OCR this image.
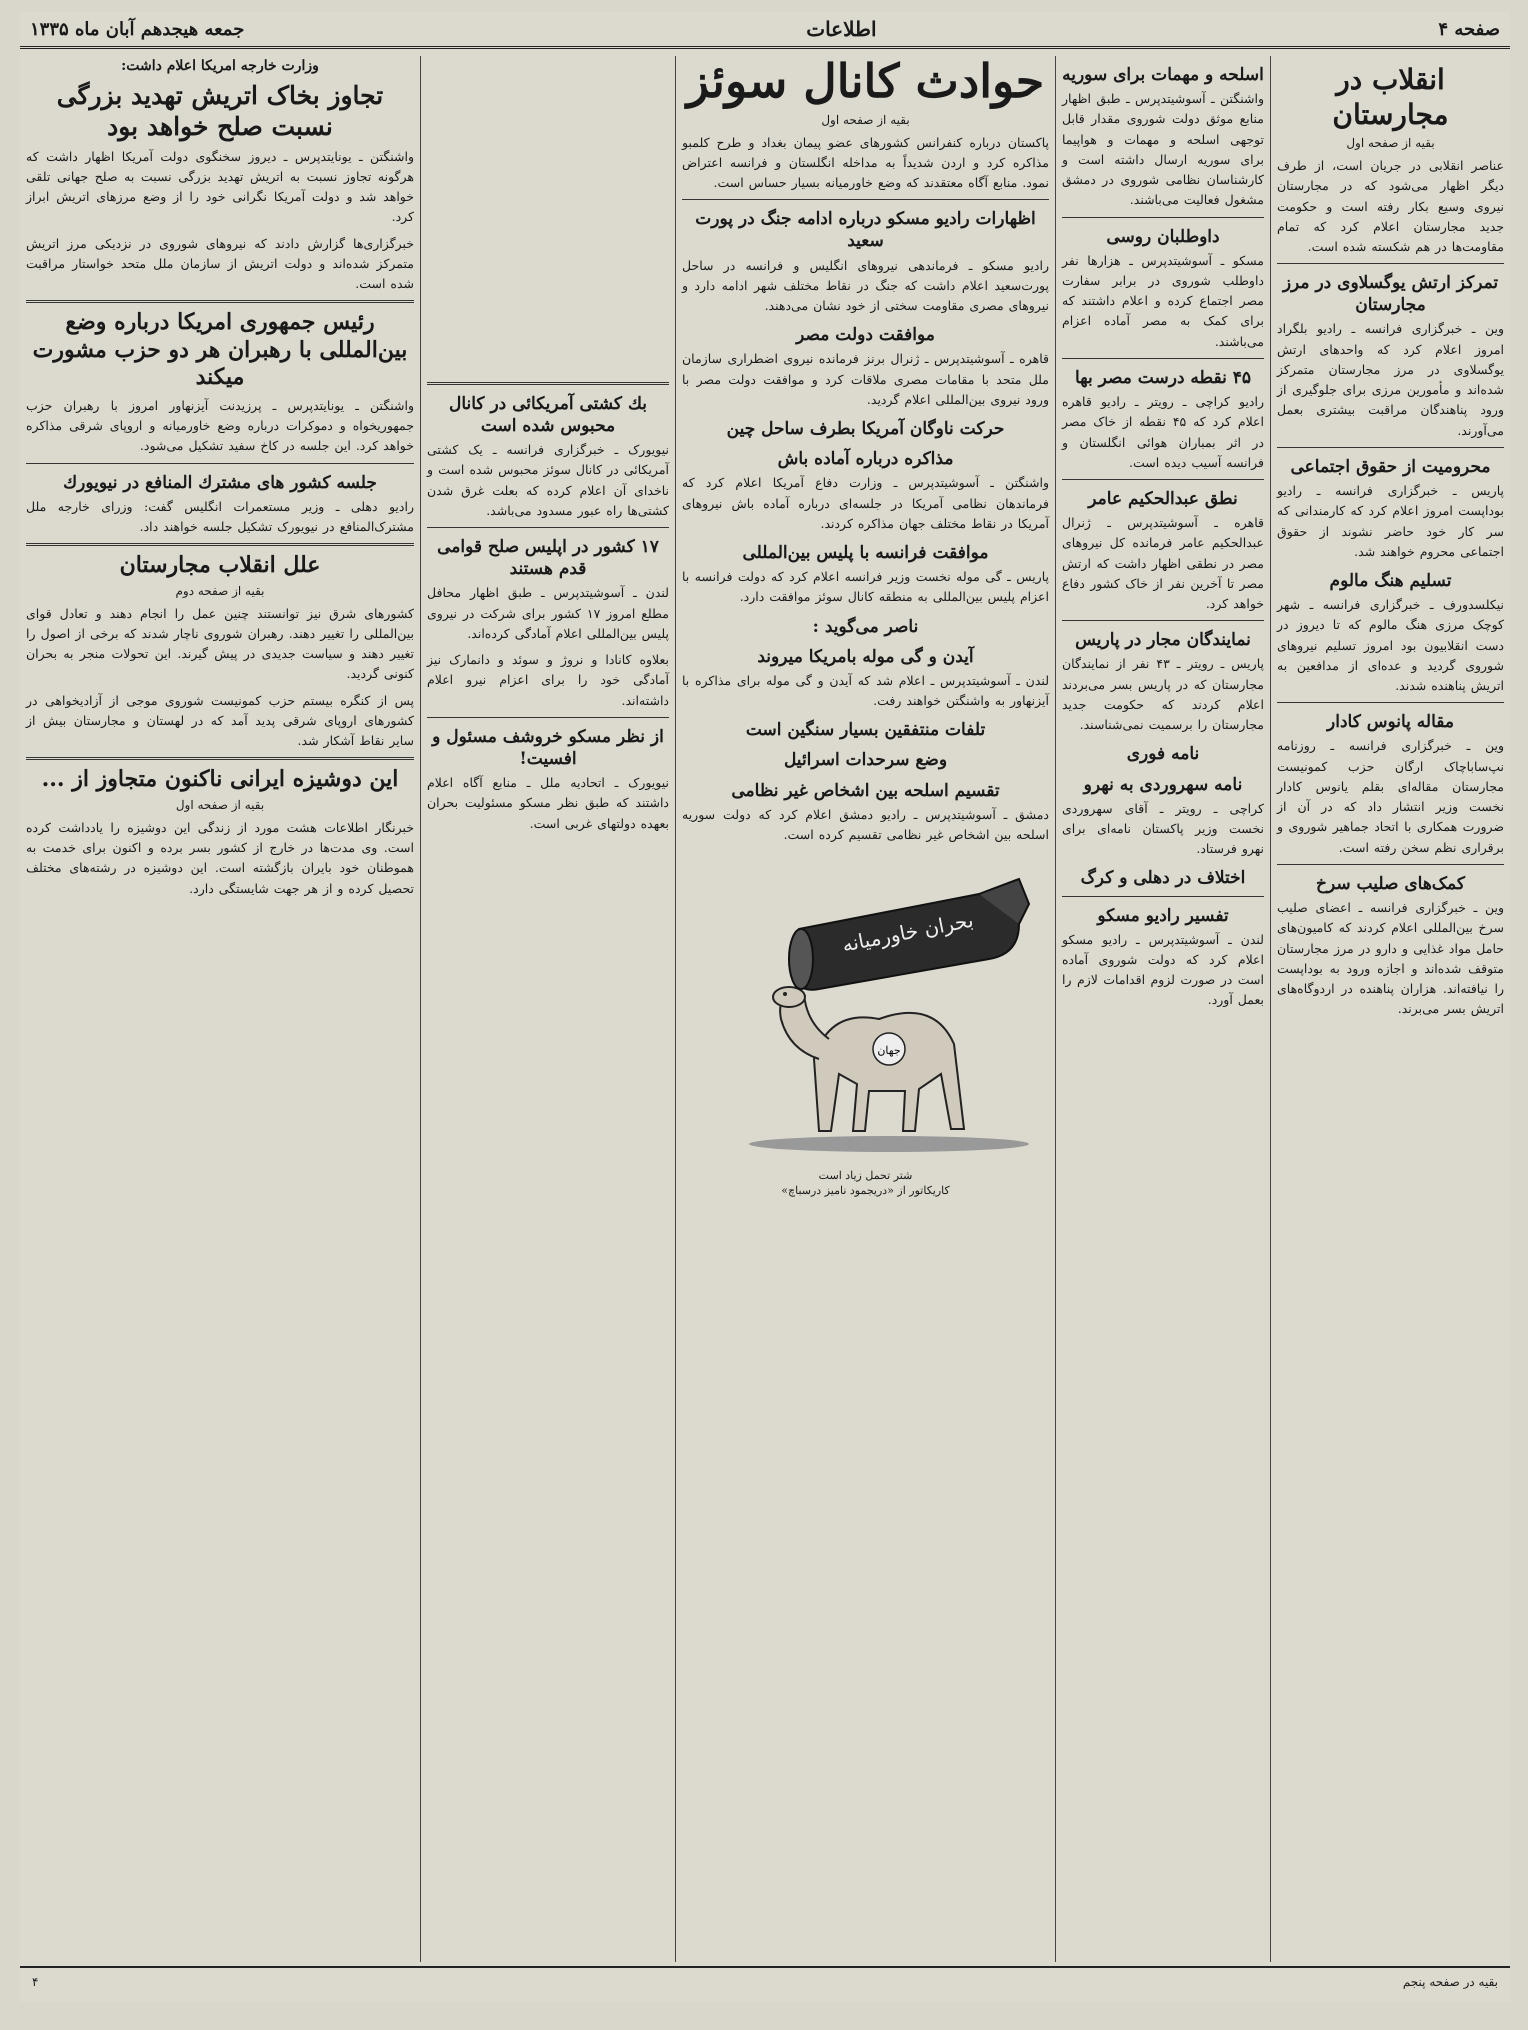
صفحه ۴
اطلاعات
جمعه هیجدهم آبان ماه ۱۳۳۵
انقلاب در مجارستان
بقیه از صفحه اول

عناصر انقلابی در جریان است، از طرف دیگر اظهار می‌شود که در مجارستان نیروی وسیع بکار رفته است و حکومت جدید مجارستان اعلام کرد که تمام مقاومت‌ها در هم شکسته شده است.

تمرکز ارتش یوگسلاوی در مرز مجارستان

وین ـ خبرگزاری فرانسه ـ رادیو بلگراد امروز اعلام کرد که واحدهای ارتش یوگسلاوی در مرز مجارستان متمرکز شده‌اند و مأمورین مرزی برای جلوگیری از ورود پناهندگان مراقبت بیشتری بعمل می‌آورند.

محرومیت از حقوق اجتماعی

پاریس ـ خبرگزاری فرانسه ـ رادیو بوداپست امروز اعلام کرد که کارمندانی که سر کار خود حاضر نشوند از حقوق اجتماعی محروم خواهند شد.

تسلیم هنگ مالوم

نیکلسدورف ـ خبرگزاری فرانسه ـ شهر کوچک مرزی هنگ مالوم که تا دیروز در دست انقلابیون بود امروز تسلیم نیروهای شوروی گردید و عده‌ای از مدافعین به اتریش پناهنده شدند.

مقاله پانوس کادار

وین ـ خبرگزاری فرانسه ـ روزنامه نپ‌ساباچاک ارگان حزب کمونیست مجارستان مقاله‌ای بقلم یانوس کادار نخست وزیر انتشار داد که در آن از ضرورت همکاری با اتحاد جماهیر شوروی و برقراری نظم سخن رفته است.

کمک‌های صلیب سرخ

وین ـ خبرگزاری فرانسه ـ اعضای صلیب سرخ بین‌المللی اعلام کردند که کامیون‌های حامل مواد غذایی و دارو در مرز مجارستان متوقف شده‌اند و اجازه ورود به بوداپست را نیافته‌اند. هزاران پناهنده در اردوگاه‌های اتریش بسر می‌برند.

اسلحه و مهمات برای سوریه

واشنگتن ـ آسوشیتدپرس ـ طبق اظهار منابع موثق دولت شوروی مقدار قابل توجهی اسلحه و مهمات و هواپیما برای سوریه ارسال داشته است و کارشناسان نظامی شوروی در دمشق مشغول فعالیت می‌باشند.

داوطلبان روسی

مسکو ـ آسوشیتدپرس ـ هزارها نفر داوطلب شوروی در برابر سفارت مصر اجتماع کرده و اعلام داشتند که برای کمک به مصر آماده اعزام می‌باشند.

۴۵ نقطه درست مصر بها

رادیو کراچی ـ رویتر ـ رادیو قاهره اعلام کرد که ۴۵ نقطه از خاک مصر در اثر بمباران هوائی انگلستان و فرانسه آسیب دیده است.

نطق عبدالحکیم عامر

قاهره ـ آسوشیتدپرس ـ ژنرال عبدالحکیم عامر فرمانده کل نیروهای مصر در نطقی اظهار داشت که ارتش مصر تا آخرین نفر از خاک کشور دفاع خواهد کرد.

نمایندگان مجار در پاریس

پاریس ـ رویتر ـ ۴۳ نفر از نمایندگان مجارستان که در پاریس بسر می‌بردند اعلام کردند که حکومت جدید مجارستان را برسمیت نمی‌شناسند.

نامه فوری
نامه سهروردی به نهرو

کراچی ـ رویتر ـ آقای سهروردی نخست وزیر پاکستان نامه‌ای برای نهرو فرستاد.

اختلاف در دهلی و کرگ
تفسیر رادیو مسکو

لندن ـ آسوشیتدپرس ـ رادیو مسکو اعلام کرد که دولت شوروی آماده است در صورت لزوم اقدامات لازم را بعمل آورد.

حوادث کانال سوئز
بقیه از صفحه اول

پاکستان درباره کنفرانس کشورهای عضو پیمان بغداد و طرح کلمبو مذاکره کرد و اردن شدیداً به مداخله انگلستان و فرانسه اعتراض نمود. منابع آگاه معتقدند که وضع خاورمیانه بسیار حساس است.

اظهارات رادیو مسکو درباره ادامه جنگ در پورت سعید

رادیو مسکو ـ فرماندهی نیروهای انگلیس و فرانسه در ساحل پورت‌سعید اعلام داشت که جنگ در نقاط مختلف شهر ادامه دارد و نیروهای مصری مقاومت سختی از خود نشان می‌دهند.

موافقت دولت مصر

قاهره ـ آسوشیتدپرس ـ ژنرال برنز فرمانده نیروی اضطراری سازمان ملل متحد با مقامات مصری ملاقات کرد و موافقت دولت مصر با ورود نیروی بین‌المللی اعلام گردید.

حرکت ناوگان آمریکا بطرف ساحل چین
مذاکره درباره آماده باش

واشنگتن ـ آسوشیتدپرس ـ وزارت دفاع آمریکا اعلام کرد که فرماندهان نظامی آمریکا در جلسه‌ای درباره آماده باش نیروهای آمریکا در نقاط مختلف جهان مذاکره کردند.

موافقت فرانسه با پلیس بین‌المللی

پاریس ـ گی موله نخست وزیر فرانسه اعلام کرد که دولت فرانسه با اعزام پلیس بین‌المللی به منطقه کانال سوئز موافقت دارد.

ناصر می‌گوید :
آیدن و گی موله بامریکا میروند

لندن ـ آسوشیتدپرس ـ اعلام شد که آیدن و گی موله برای مذاکره با آیزنهاور به واشنگتن خواهند رفت.

تلفات منتفقین بسیار سنگین است
وضع سرحدات اسرائیل
تقسیم اسلحه بین اشخاص غیر نظامی

دمشق ـ آسوشیتدپرس ـ رادیو دمشق اعلام کرد که دولت سوریه اسلحه بین اشخاص غیر نظامی تقسیم کرده است.

بحران خاورمیانه
جهان
شتر تحمل زیاد است
کاریکاتور از «دریجمود نامیز درسباچ»
بك كشتی آمریکائی در کانال محبوس شده است

نیویورک ـ خبرگزاری فرانسه ـ یک کشتی آمریکائی در کانال سوئز محبوس شده است و ناخدای آن اعلام کرده که بعلت غرق شدن کشتی‌ها راه عبور مسدود می‌باشد.

۱۷ کشور در اپلیس صلح قوامی قدم هستند

لندن ـ آسوشیتدپرس ـ طبق اظهار محافل مطلع امروز ۱۷ کشور برای شرکت در نیروی پلیس بین‌المللی اعلام آمادگی کرده‌اند.

بعلاوه کانادا و نروژ و سوئد و دانمارک نیز آمادگی خود را برای اعزام نیرو اعلام داشته‌اند.

از نظر مسکو خروشف مسئول و افسیت!

نیویورک ـ اتحادیه ملل ـ منابع آگاه اعلام داشتند که طبق نظر مسکو مسئولیت بحران بعهده دولتهای غربی است.

وزارت خارجه امریکا اعلام داشت:
تجاوز بخاک اتریش تهدید بزرگی نسبت صلح خواهد بود

واشنگتن ـ یونایتدپرس ـ دیروز سخنگوی دولت آمریکا اظهار داشت که هرگونه تجاوز نسبت به اتریش تهدید بزرگی نسبت به صلح جهانی تلقی خواهد شد و دولت آمریکا نگرانی خود را از وضع مرزهای اتریش ابراز کرد.

خبرگزاری‌ها گزارش دادند که نیروهای شوروی در نزدیکی مرز اتریش متمرکز شده‌اند و دولت اتریش از سازمان ملل متحد خواستار مراقبت شده است.

رئیس جمهوری امریکا درباره وضع بین‌المللی با رهبران هر دو حزب مشورت میکند

واشنگتن ـ یونایتدپرس ـ پرزیدنت آیزنهاور امروز با رهبران حزب جمهوریخواه و دموکرات درباره وضع خاورمیانه و اروپای شرقی مذاکره خواهد کرد. این جلسه در کاخ سفید تشکیل می‌شود.

جلسه کشور های مشترك المنافع در نیویورك

رادیو دهلی ـ وزیر مستعمرات انگلیس گفت: وزرای خارجه ملل مشترک‌المنافع در نیویورک تشکیل جلسه خواهند داد.

علل انقلاب مجارستان
بقیه از صفحه دوم

کشورهای شرق نیز توانستند چنین عمل را انجام دهند و تعادل قوای بین‌المللی را تغییر دهند. رهبران شوروی ناچار شدند که برخی از اصول را تغییر دهند و سیاست جدیدی در پیش گیرند. این تحولات منجر به بحران کنونی گردید.

پس از کنگره بیستم حزب کمونیست شوروی موجی از آزادیخواهی در کشورهای اروپای شرقی پدید آمد که در لهستان و مجارستان بیش از سایر نقاط آشکار شد.

این دوشیزه ایرانی ناکنون متجاوز از ...
بقیه از صفحه اول

خبرنگار اطلاعات هشت مورد از زندگی این دوشیزه را یادداشت کرده است. وی مدت‌ها در خارج از کشور بسر برده و اکنون برای خدمت به هموطنان خود بایران بازگشته است. این دوشیزه در رشته‌های مختلف تحصیل کرده و از هر جهت شایستگی دارد.

بقیه در صفحه پنجم
۴
